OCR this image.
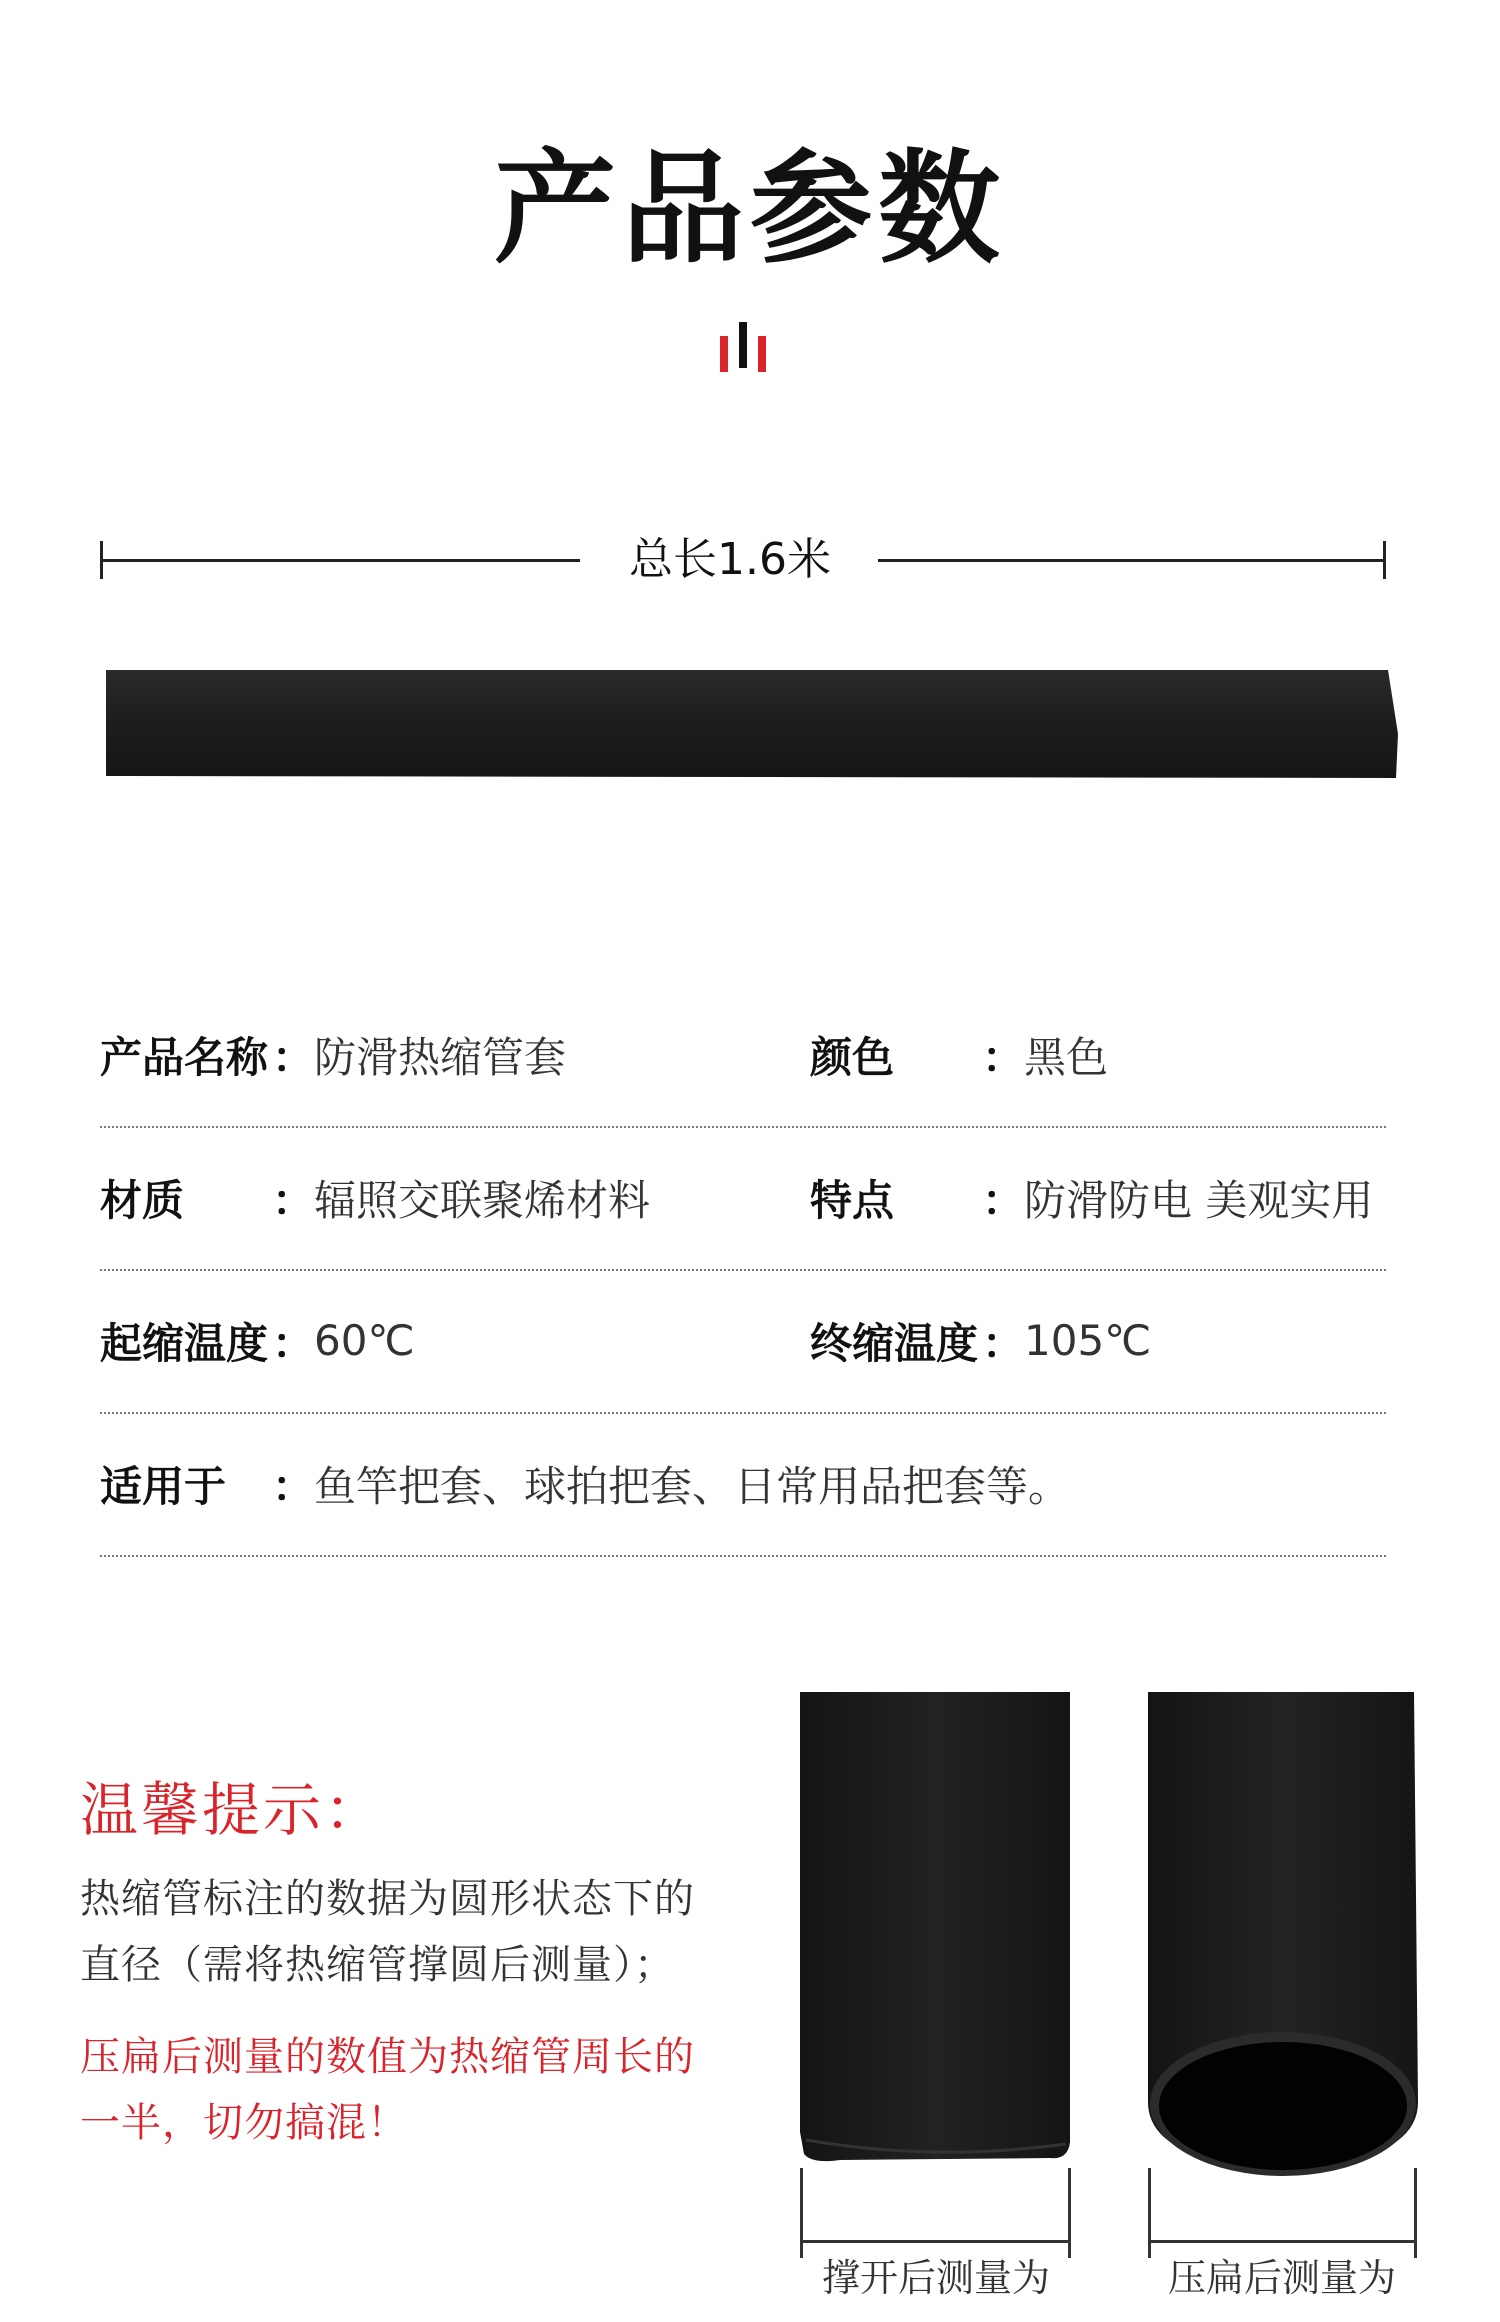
产品参数
总长1.6米
产品名称 ： 防滑热缩管套	颜色	： 黑色
材质	： 辐照交联聚烯材料	特点	： 防滑防电 美观实用
起缩温度 ： 60℃	终缩温度 ： 105℃
适用于	： 鱼竿把套、球拍把套、日常用品把套等。
温馨提示：
热缩管标注的数据为圆形状态下的
直径（需将热缩管撑圆后测量）；
压扁后测量的数值为热缩管周长的
一半，切勿搞混！
撑开后测量为	压扁后测量为
